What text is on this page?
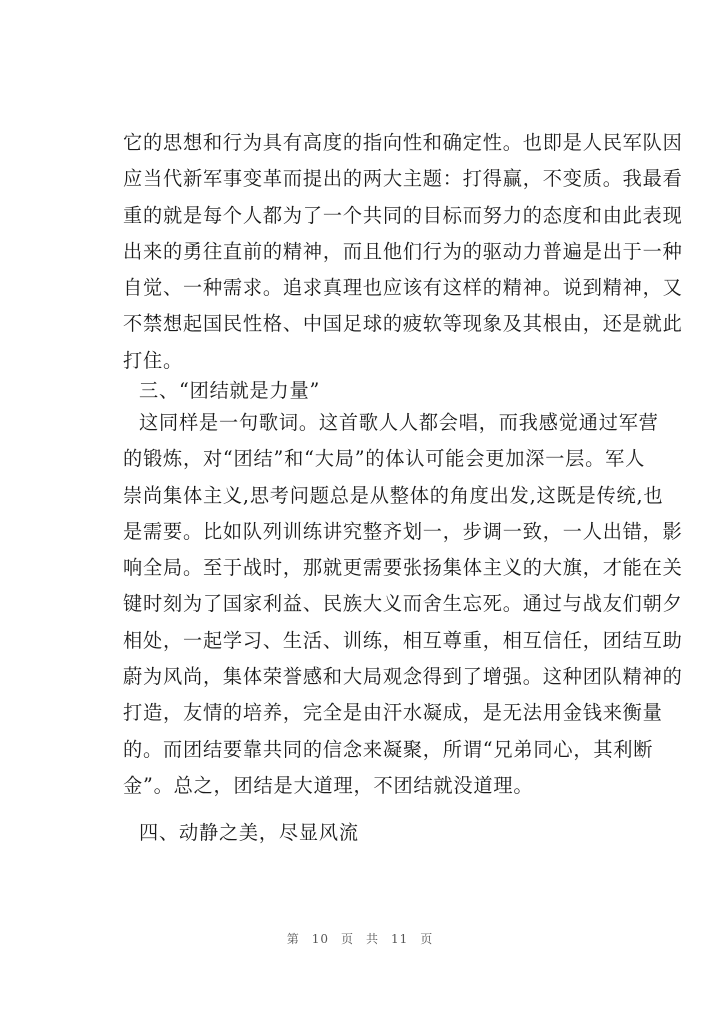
它的思想和行为具有高度的指向性和确定性。也即是人民军队因
应当代新军事变革而提出的两大主题：打得赢，不变质。我最看
重的就是每个人都为了一个共同的目标而努力的态度和由此表现
出来的勇往直前的精神，而且他们行为的驱动力普遍是出于一种
自觉、一种需求。追求真理也应该有这样的精神。说到精神，又
不禁想起国民性格、中国足球的疲软等现象及其根由，还是就此
打住。
三、“团结就是力量”
这同样是一句歌词。这首歌人人都会唱，而我感觉通过军营
的锻炼，对“团结”和“大局”的体认可能会更加深一层。军人
崇尚集体主义,思考问题总是从整体的角度出发,这既是传统,也
是需要。比如队列训练讲究整齐划一，步调一致，一人出错，影
响全局。至于战时，那就更需要张扬集体主义的大旗，才能在关
键时刻为了国家利益、民族大义而舍生忘死。通过与战友们朝夕
相处，一起学习、生活、训练，相互尊重，相互信任，团结互助
蔚为风尚，集体荣誉感和大局观念得到了增强。这种团队精神的
打造，友情的培养，完全是由汗水凝成，是无法用金钱来衡量
的。而团结要靠共同的信念来凝聚，所谓“兄弟同心，其利断
金”。总之，团结是大道理，不团结就没道理。
四、动静之美，尽显风流
第 10 页 共 11 页
